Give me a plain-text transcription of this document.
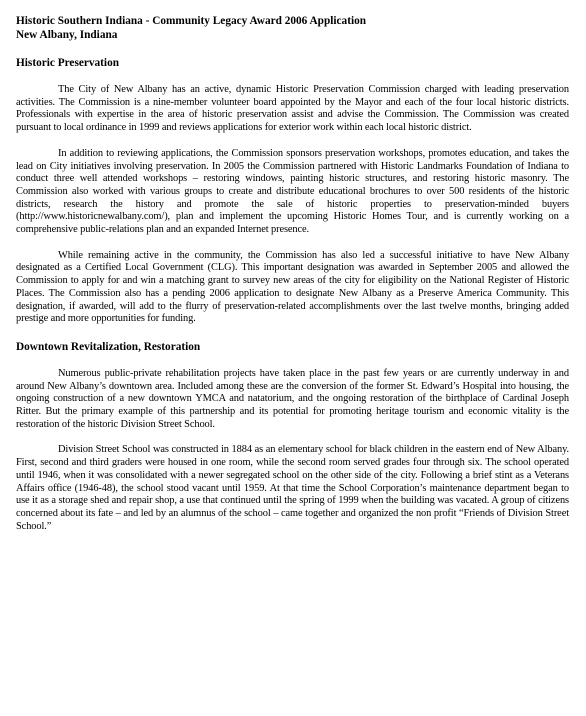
Historic Southern Indiana - Community Legacy Award 2006 Application
New Albany, Indiana
Historic Preservation

The City of New Albany has an active, dynamic Historic Preservation Commission charged with leading preservation activities. The Commission is a nine-member volunteer board appointed by the Mayor and each of the four local historic districts. Professionals with expertise in the area of historic preservation assist and advise the Commission. The Commission was created pursuant to local ordinance in 1999 and reviews applications for exterior work within each local historic district.

In addition to reviewing applications, the Commission sponsors preservation workshops, promotes education, and takes the lead on City initiatives involving preservation. In 2005 the Commission partnered with Historic Landmarks Foundation of Indiana to conduct three well attended workshops – restoring windows, painting historic structures, and restoring historic masonry. The Commission also worked with various groups to create and distribute educational brochures to over 500 residents of the historic districts, research the history and promote the sale of historic properties to preservation-minded buyers (http://www.historicnewalbany.com/), plan and implement the upcoming Historic Homes Tour, and is currently working on a comprehensive public-relations plan and an expanded Internet presence.

While remaining active in the community, the Commission has also led a successful initiative to have New Albany designated as a Certified Local Government (CLG). This important designation was awarded in September 2005 and allowed the Commission to apply for and win a matching grant to survey new areas of the city for eligibility on the National Register of Historic Places. The Commission also has a pending 2006 application to designate New Albany as a Preserve America Community. This designation, if awarded, will add to the flurry of preservation-related accomplishments over the last twelve months, bringing added prestige and more opportunities for funding.

Downtown Revitalization, Restoration

Numerous public-private rehabilitation projects have taken place in the past few years or are currently underway in and around New Albany’s downtown area. Included among these are the conversion of the former St. Edward’s Hospital into housing, the ongoing construction of a new downtown YMCA and natatorium, and the ongoing restoration of the birthplace of Cardinal Joseph Ritter. But the primary example of this partnership and its potential for promoting heritage tourism and economic vitality is the restoration of the historic Division Street School.

Division Street School was constructed in 1884 as an elementary school for black children in the eastern end of New Albany. First, second and third graders were housed in one room, while the second room served grades four through six. The school operated until 1946, when it was consolidated with a newer segregated school on the other side of the city. Following a brief stint as a Veterans Affairs office (1946-48), the school stood vacant until 1959. At that time the School Corporation’s maintenance department began to use it as a storage shed and repair shop, a use that continued until the spring of 1999 when the building was vacated. A group of citizens concerned about its fate – and led by an alumnus of the school – came together and organized the non profit “Friends of Division Street School.”
